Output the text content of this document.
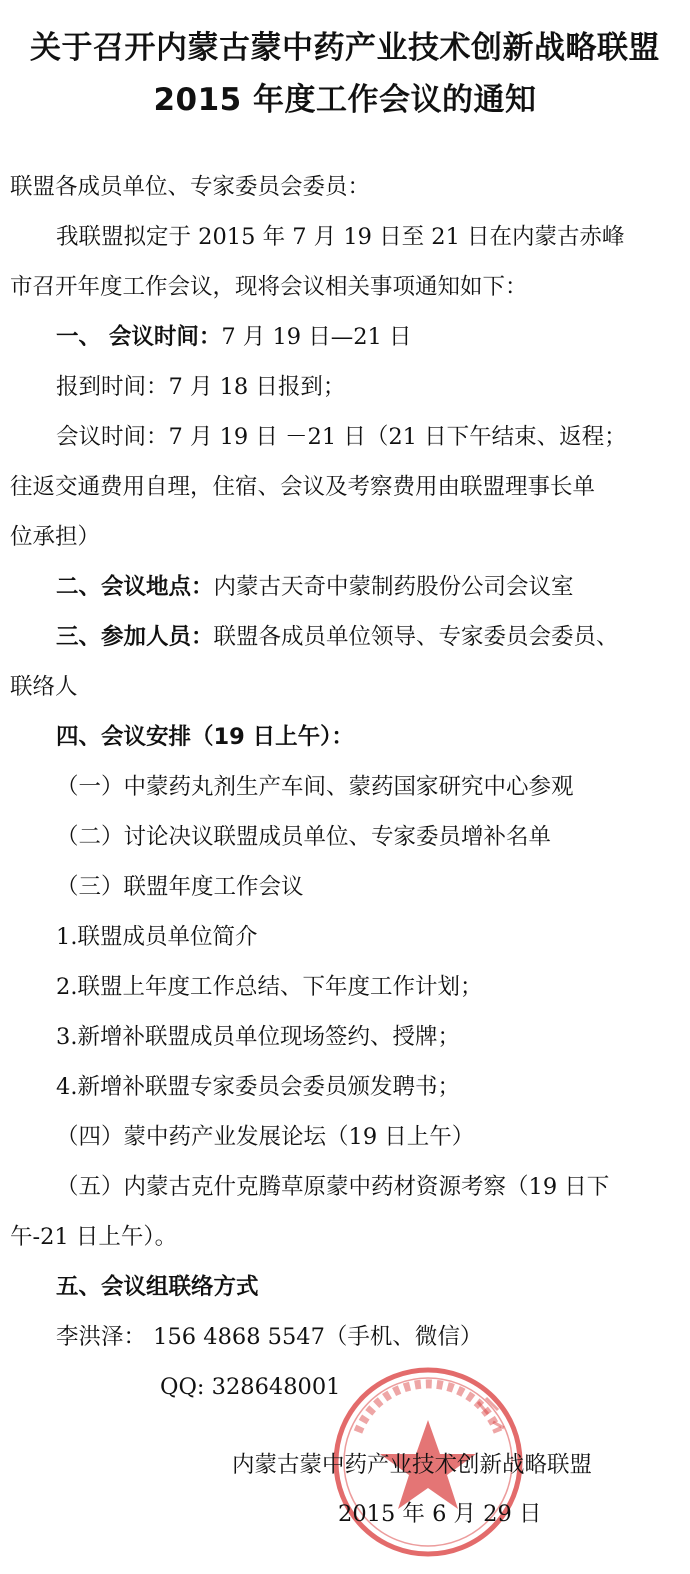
关于召开内蒙古蒙中药产业技术创新战略联盟
2015 年度工作会议的通知
联盟各成员单位、专家委员会委员：
我联盟拟定于 2015 年 7 月 19 日至 21 日在内蒙古赤峰
市召开年度工作会议，现将会议相关事项通知如下：
一、 会议时间：7 月 19 日—21 日
报到时间：7 月 18 日报到；
会议时间：7 月 19 日 －21 日（21 日下午结束、返程；
往返交通费用自理，住宿、会议及考察费用由联盟理事长单
位承担）
二、会议地点：内蒙古天奇中蒙制药股份公司会议室
三、参加人员：联盟各成员单位领导、专家委员会委员、
联络人
四、会议安排（19 日上午）：
（一）中蒙药丸剂生产车间、蒙药国家研究中心参观
（二）讨论决议联盟成员单位、专家委员增补名单
（三）联盟年度工作会议
1.联盟成员单位简介
2.联盟上年度工作总结、下年度工作计划；
3.新增补联盟成员单位现场签约、授牌；
4.新增补联盟专家委员会委员颁发聘书；
（四）蒙中药产业发展论坛（19 日上午）
（五）内蒙古克什克腾草原蒙中药材资源考察（19 日下
午-21 日上午）。
五、会议组联络方式
李洪泽： 156 4868 5547（手机、微信）
QQ: 328648001
内蒙古蒙中药产业技术创新战略联盟
2015 年 6 月 29 日
